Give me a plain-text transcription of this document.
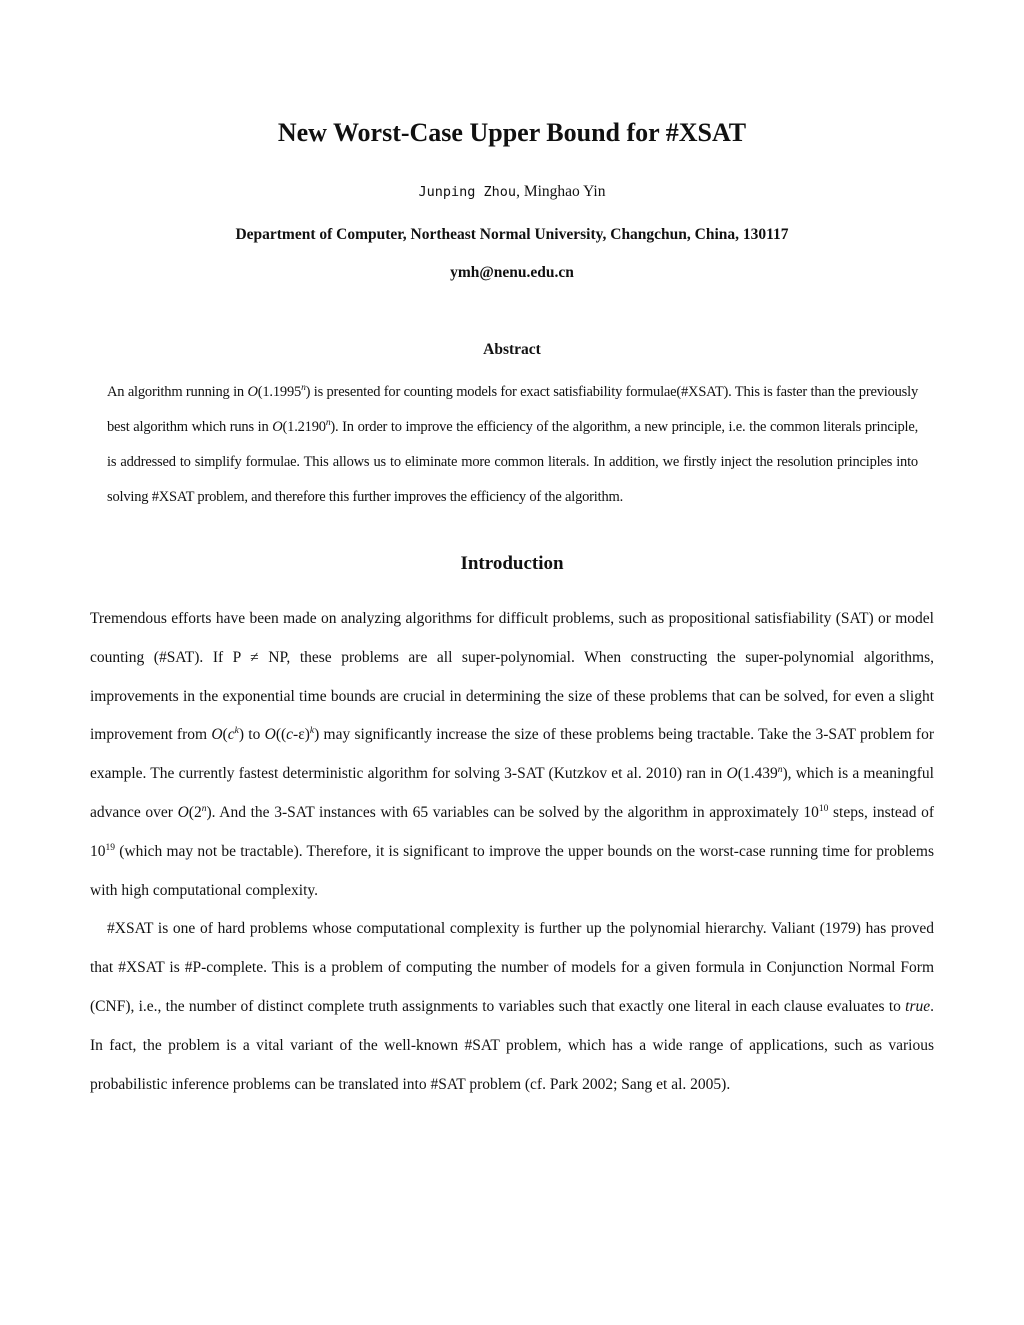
New Worst-Case Upper Bound for #XSAT
Junping Zhou, Minghao Yin
Department of Computer, Northeast Normal University, Changchun, China, 130117
ymh@nenu.edu.cn
Abstract
An algorithm running in O(1.1995$^n$) is presented for counting models for exact satisfiability formulae(#XSAT). This is faster than the previously best algorithm which runs in O(1.2190$^n$). In order to improve the efficiency of the algorithm, a new principle, i.e. the common literals principle, is addressed to simplify formulae. This allows us to eliminate more common literals. In addition, we firstly inject the resolution principles into solving #XSAT problem, and therefore this further improves the efficiency of the algorithm.
Introduction

Tremendous efforts have been made on analyzing algorithms for difficult problems, such as propositional satisfiability (SAT) or model counting (#SAT). If P ≠ NP, these problems are all super-polynomial. When constructing the super-polynomial algorithms, improvements in the exponential time bounds are crucial in determining the size of these problems that can be solved, for even a slight improvement from $O(c^k)$ to $O((c-\varepsilon)^k)$ may significantly increase the size of these problems being tractable. Take the 3-SAT problem for example. The currently fastest deterministic algorithm for solving 3-SAT (Kutzkov et al. 2010) ran in O(1.439$^n$), which is a meaningful advance over O(2$^n$). And the 3-SAT instances with 65 variables can be solved by the algorithm in approximately $10^{10}$ steps, instead of $10^{19}$ (which may not be tractable). Therefore, it is significant to improve the upper bounds on the worst-case running time for problems with high computational complexity.

#XSAT is one of hard problems whose computational complexity is further up the polynomial hierarchy. Valiant (1979) has proved that #XSAT is #P-complete. This is a problem of computing the number of models for a given formula in Conjunction Normal Form (CNF), i.e., the number of distinct complete truth assignments to variables such that exactly one literal in each clause evaluates to true. In fact, the problem is a vital variant of the well-known #SAT problem, which has a wide range of applications, such as various probabilistic inference problems can be translated into #SAT problem (cf. Park 2002; Sang et al. 2005).
